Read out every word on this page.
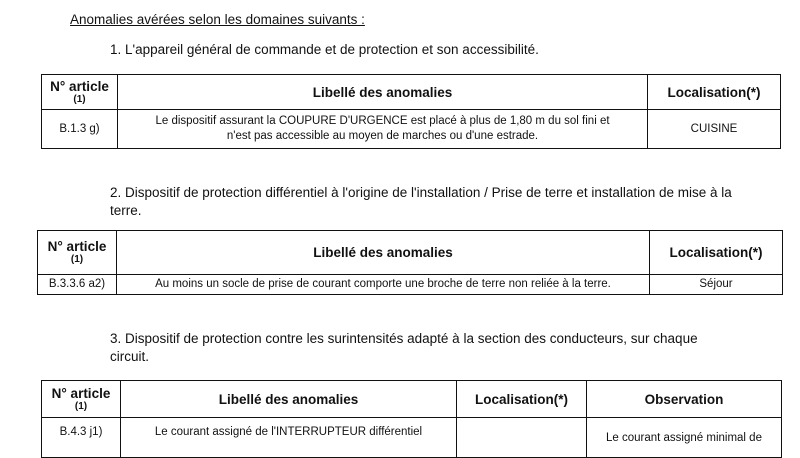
Anomalies avérées selon les domaines suivants :
1. L'appareil général de commande et de protection et son accessibilité.
N° article
(1)	Libellé des anomalies	Localisation(*)
B.1.3 g)	Le dispositif assurant la COUPURE D'URGENCE est placé à plus de 1,80 m du sol fini et
n'est pas accessible au moyen de marches ou d'une estrade.	CUISINE
2. Dispositif de protection différentiel à l'origine de l'installation / Prise de terre et installation de mise à la
terre.
N° article
(1)	Libellé des anomalies	Localisation(*)
B.3.3.6 a2)	Au moins un socle de prise de courant comporte une broche de terre non reliée à la terre.	Séjour
3. Dispositif de protection contre les surintensités adapté à la section des conducteurs, sur chaque
circuit.
N° article
(1)	Libellé des anomalies	Localisation(*)	Observation
B.4.3 j1)	Le courant assigné de l'INTERRUPTEUR différentiel		Le courant assigné minimal de
